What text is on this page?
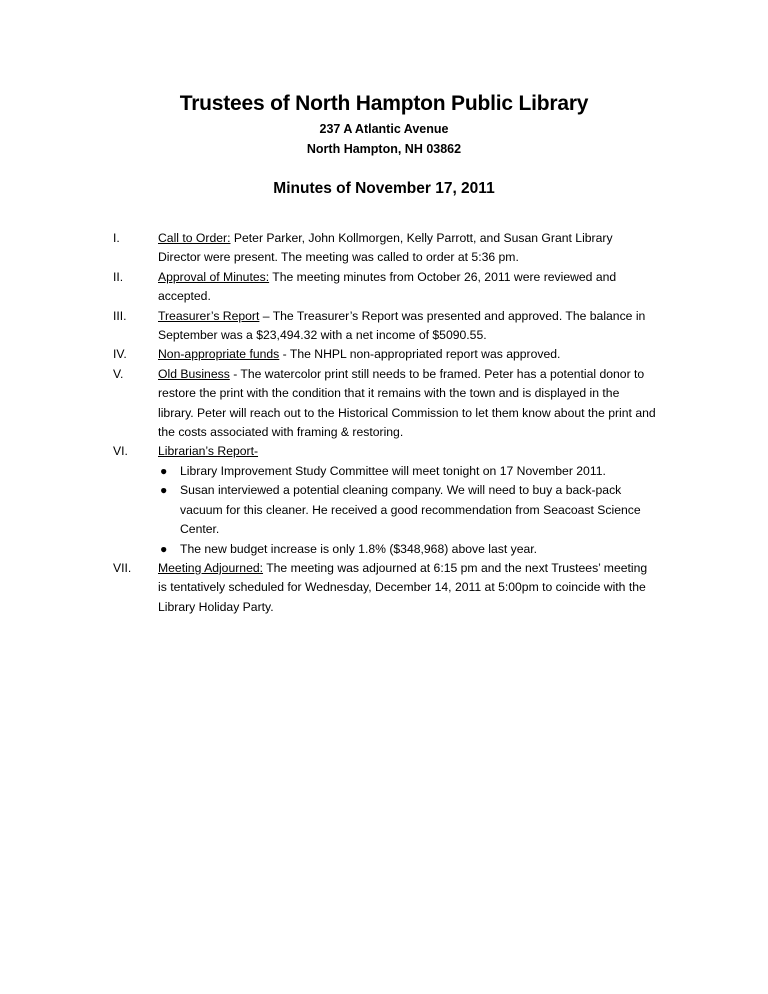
Trustees of North Hampton Public Library
237 A Atlantic Avenue
North Hampton, NH 03862
Minutes of November 17, 2011
I.	Call to Order: Peter Parker, John Kollmorgen, Kelly Parrott, and Susan Grant Library Director were present. The meeting was called to order at 5:36 pm.
II.	Approval of Minutes: The meeting minutes from October 26, 2011 were reviewed and accepted.
III.	Treasurer’s Report – The Treasurer’s Report was presented and approved. The balance in September was a $23,494.32 with a net income of $5090.55.
IV.	Non-appropriate funds - The NHPL non-appropriated report was approved.
V.	Old Business - The watercolor print still needs to be framed. Peter has a potential donor to restore the print with the condition that it remains with the town and is displayed in the library. Peter will reach out to the Historical Commission to let them know about the print and the costs associated with framing & restoring.
VI. Librarian’s Report-
● Library Improvement Study Committee will meet tonight on 17 November 2011.
● Susan interviewed a potential cleaning company. We will need to buy a back-pack vacuum for this cleaner. He received a good recommendation from Seacoast Science Center.
● The new budget increase is only 1.8% ($348,968) above last year.
VII. Meeting Adjourned: The meeting was adjourned at 6:15 pm and the next Trustees’ meeting is tentatively scheduled for Wednesday, December 14, 2011 at 5:00pm to coincide with the Library Holiday Party.
